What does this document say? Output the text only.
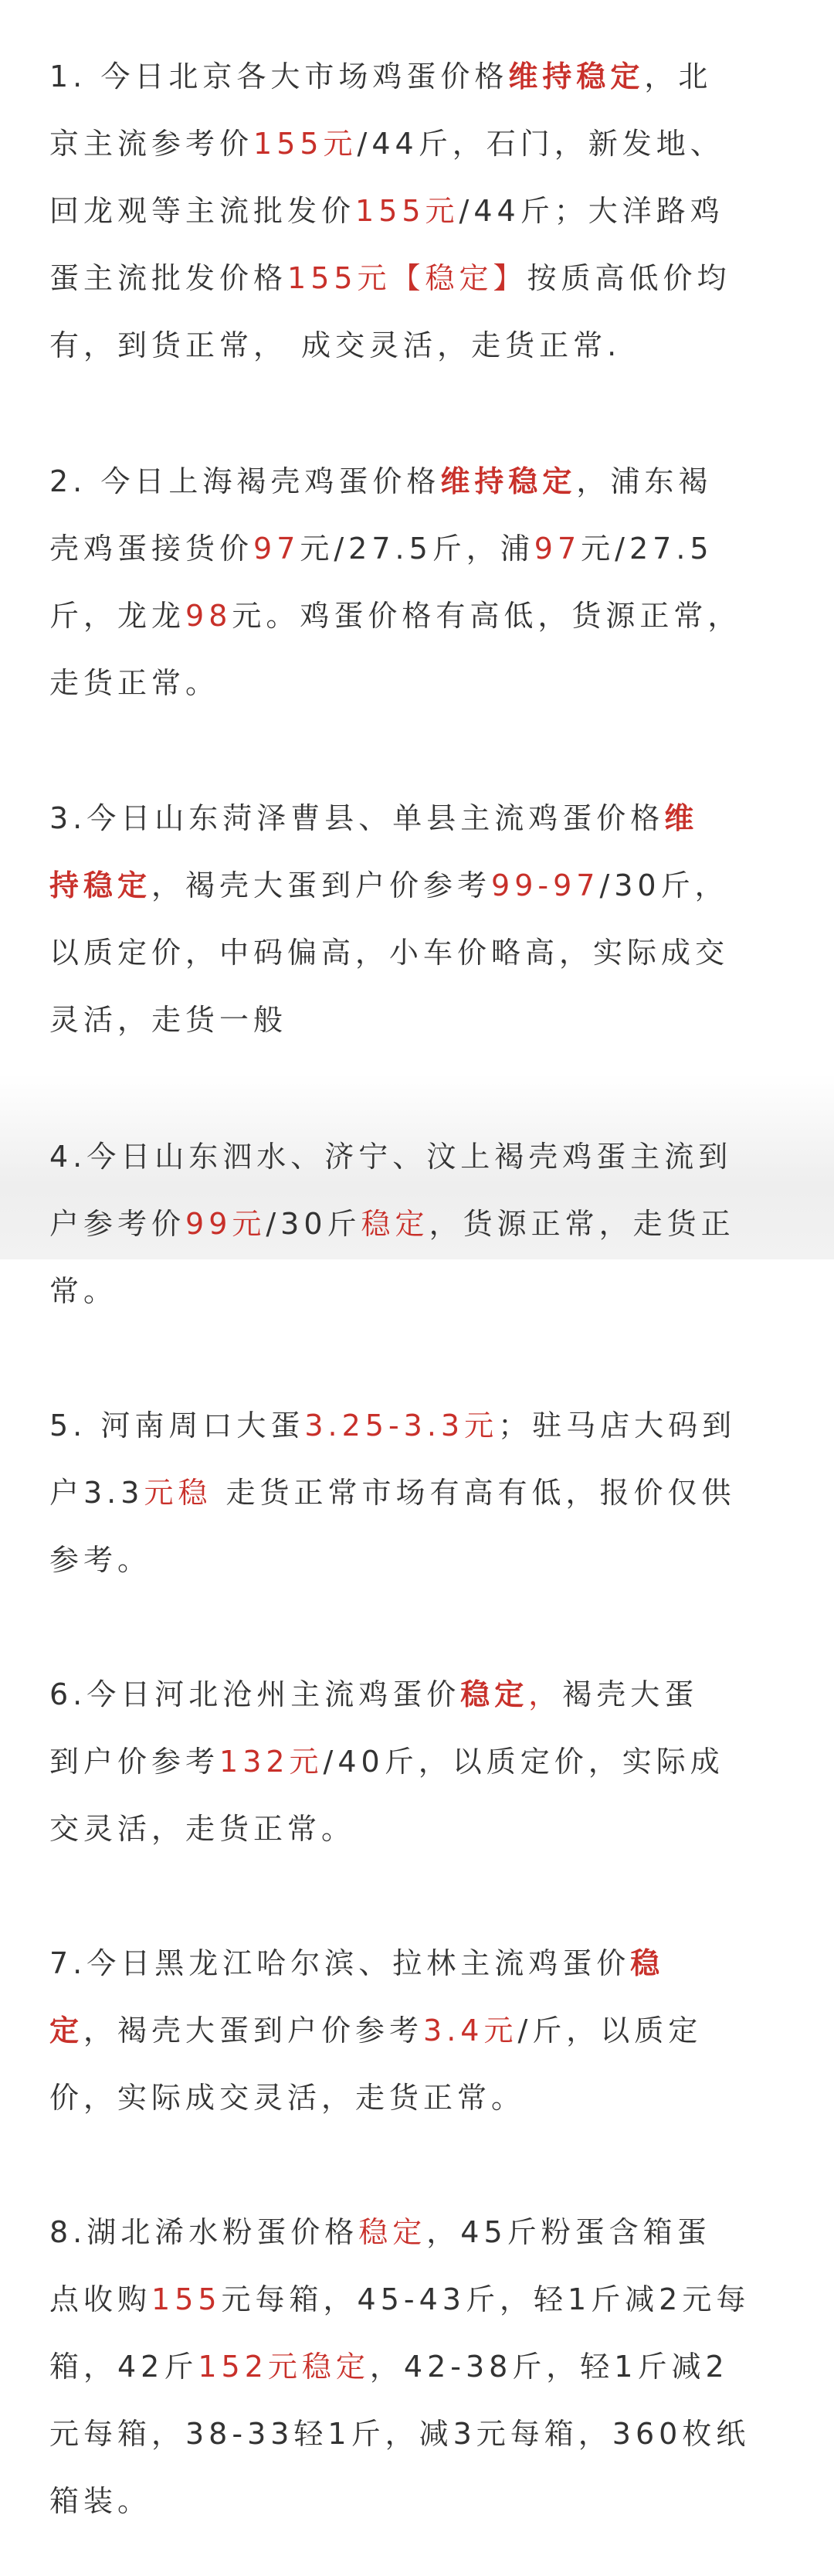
1. 今日北京各大市场鸡蛋价格维持稳定，北
京主流参考价155元/44斤，石门，新发地、
回龙观等主流批发价155元/44斤；大洋路鸡
蛋主流批发价格155元【稳定】按质高低价均
有，到货正常， 成交灵活，走货正常.
2. 今日上海褐壳鸡蛋价格维持稳定，浦东褐
壳鸡蛋接货价97元/27.5斤，浦97元/27.5
斤，龙龙98元。鸡蛋价格有高低，货源正常，
走货正常。
3.今日山东菏泽曹县、单县主流鸡蛋价格维
持稳定，褐壳大蛋到户价参考99-97/30斤，
以质定价，中码偏高，小车价略高，实际成交
灵活，走货一般
4.今日山东泗水、济宁、汶上褐壳鸡蛋主流到
户参考价99元/30斤稳定，货源正常，走货正
常。
5. 河南周口大蛋3.25-3.3元；驻马店大码到
户3.3元稳 走货正常市场有高有低，报价仅供
参考。
6.今日河北沧州主流鸡蛋价稳定，褐壳大蛋
到户价参考132元/40斤，以质定价，实际成
交灵活，走货正常。
7.今日黑龙江哈尔滨、拉林主流鸡蛋价稳
定，褐壳大蛋到户价参考3.4元/斤，以质定
价，实际成交灵活，走货正常。
8.湖北浠水粉蛋价格稳定，45斤粉蛋含箱蛋
点收购155元每箱，45-43斤，轻1斤减2元每
箱，42斤152元稳定，42-38斤，轻1斤减2
元每箱，38-33轻1斤，减3元每箱，360枚纸
箱装。
